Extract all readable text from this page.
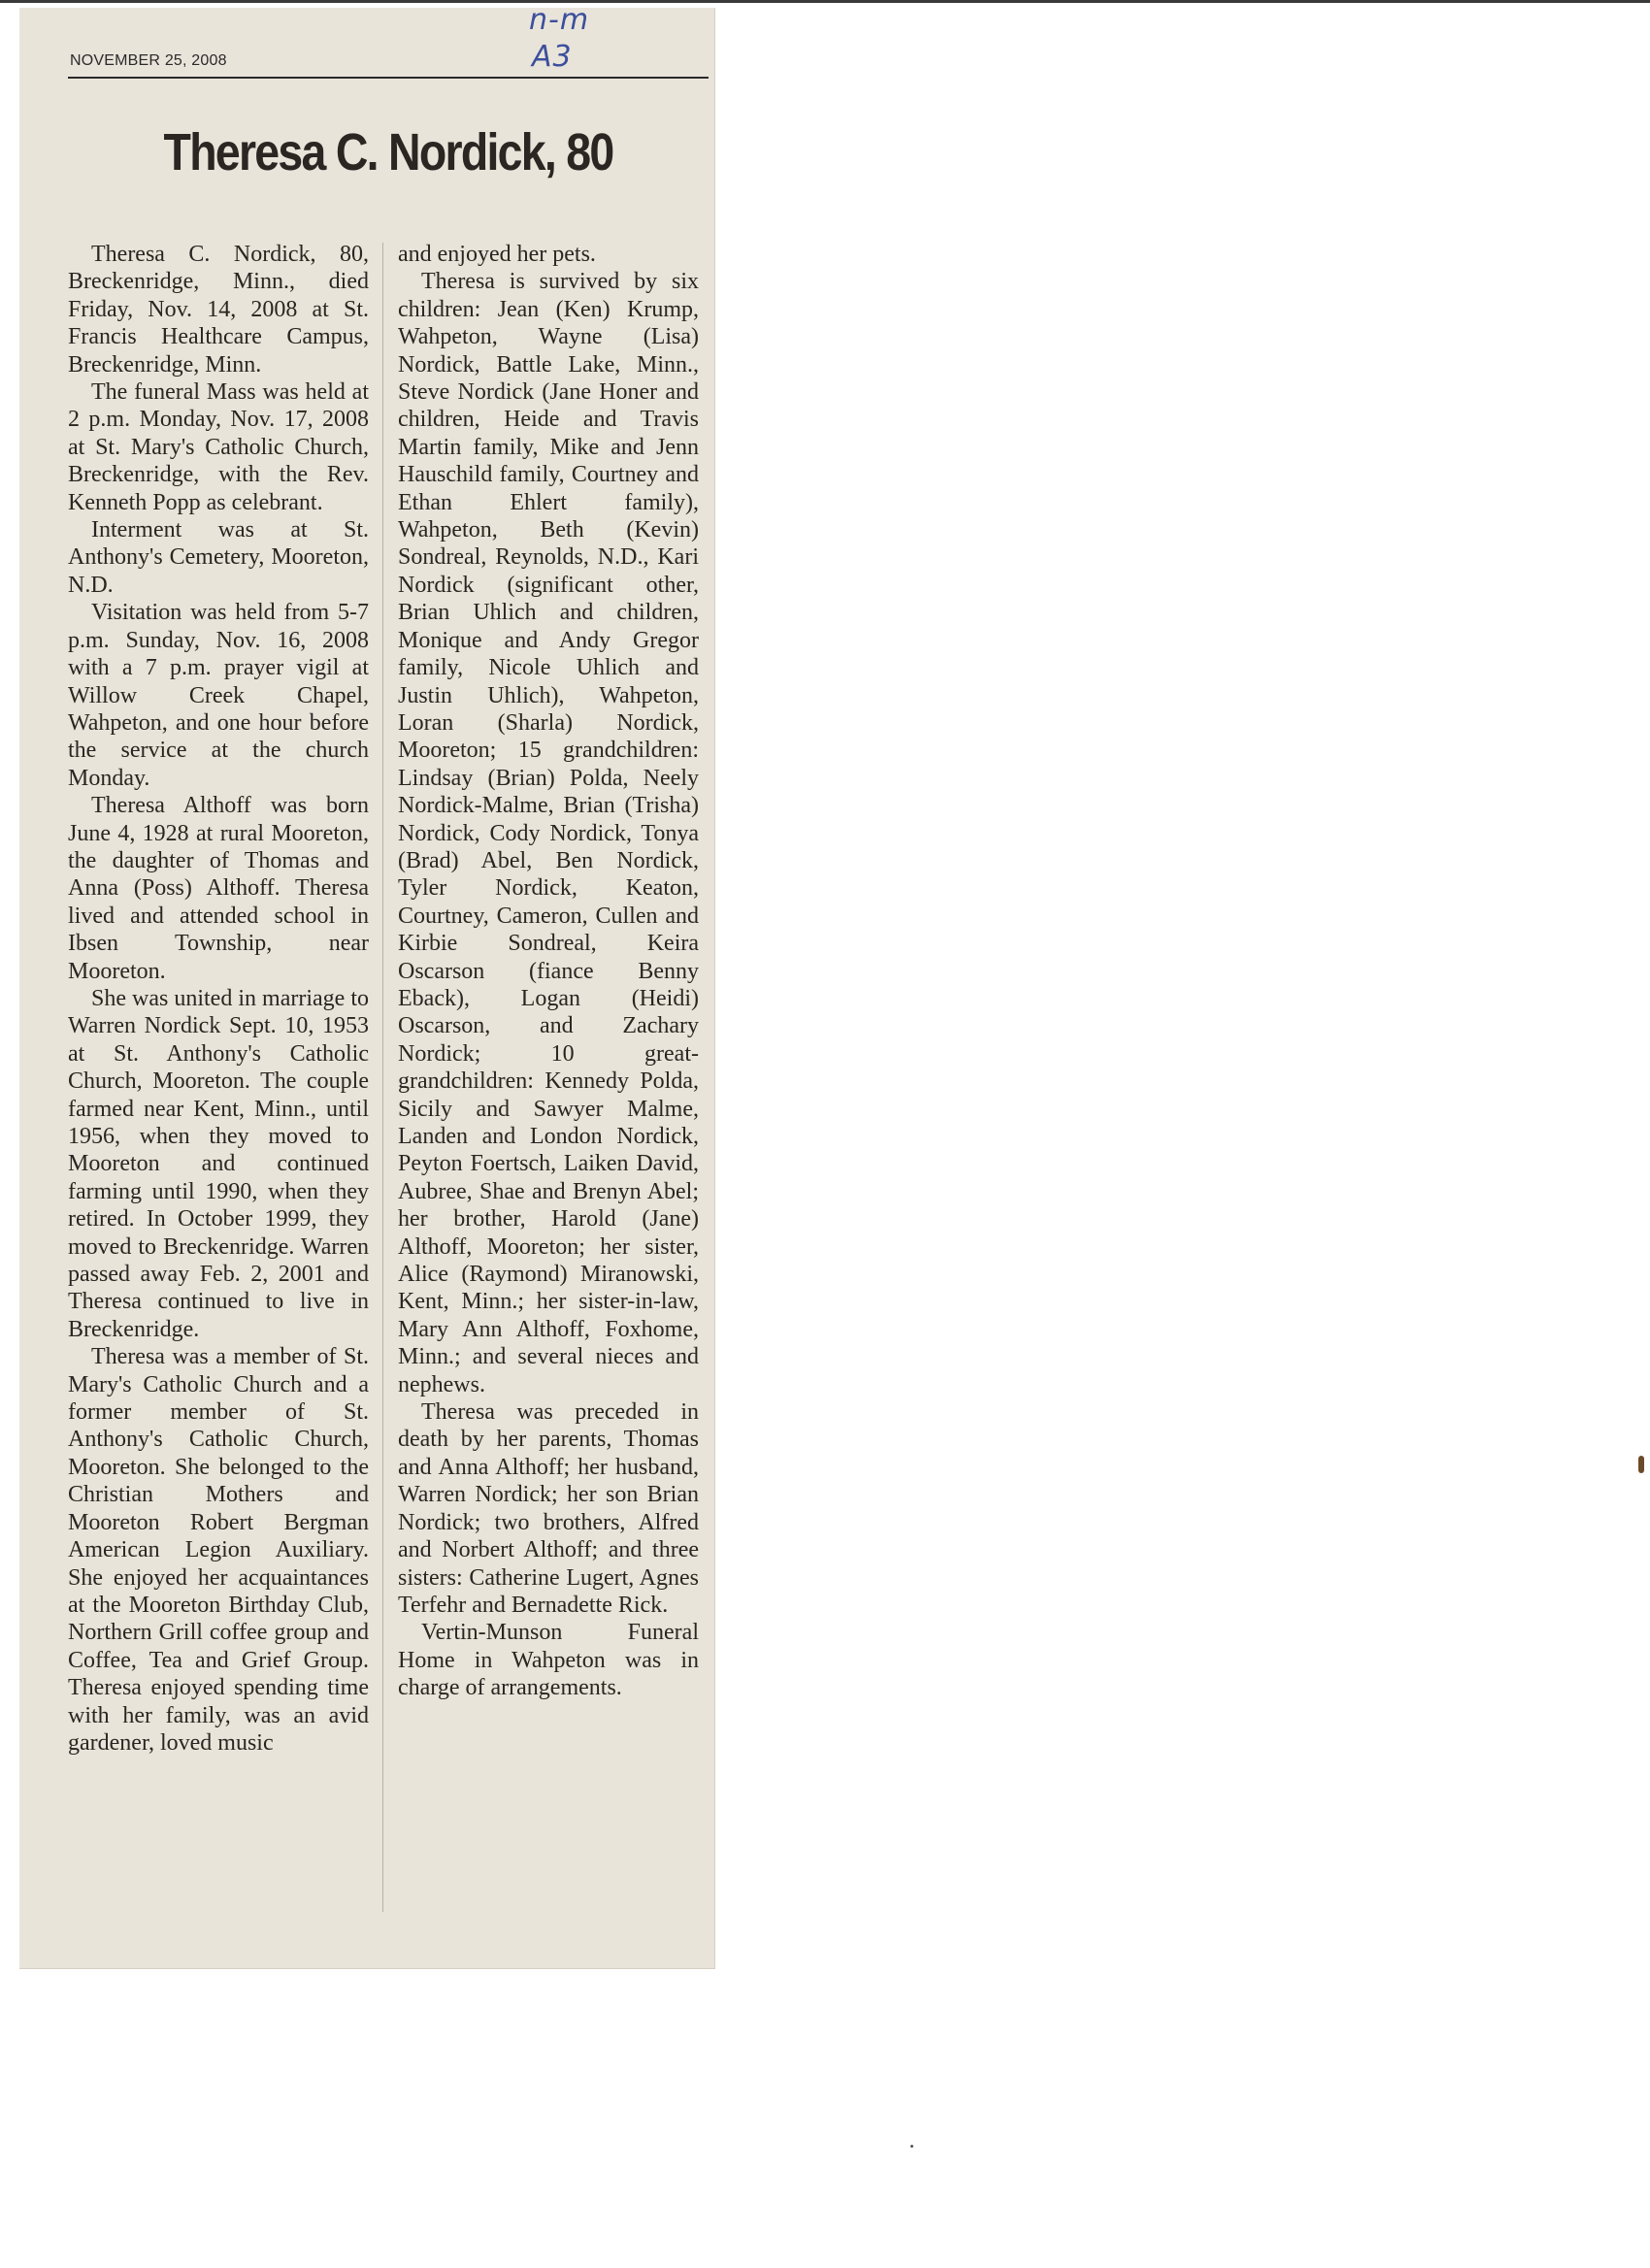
n-m
A3
NOVEMBER 25, 2008
Theresa C. Nordick, 80

Theresa C. Nordick, 80, Breckenridge, Minn., died Friday, Nov. 14, 2008 at St. Francis Healthcare Campus, Breckenridge, Minn.

The funeral Mass was held at 2 p.m. Monday, Nov. 17, 2008 at St. Mary's Catholic Church, Breckenridge, with the Rev. Kenneth Popp as celebrant.

Interment was at St. Anthony's Cemetery, Mooreton, N.D.

Visitation was held from 5-7 p.m. Sunday, Nov. 16, 2008 with a 7 p.m. prayer vigil at Willow Creek Chapel, Wahpeton, and one hour before the service at the church Monday.

Theresa Althoff was born June 4, 1928 at rural Mooreton, the daughter of Thomas and Anna (Poss) Althoff. Theresa lived and attended school in Ibsen Township, near Mooreton.

She was united in marriage to Warren Nordick Sept. 10, 1953 at St. Anthony's Catholic Church, Mooreton. The couple farmed near Kent, Minn., until 1956, when they moved to Mooreton and continued farming until 1990, when they retired. In October 1999, they moved to Breckenridge. Warren passed away Feb. 2, 2001 and Theresa continued to live in Breckenridge.

Theresa was a member of St. Mary's Catholic Church and a former member of St. Anthony's Catholic Church, Mooreton. She belonged to the Christian Mothers and Mooreton Robert Bergman American Legion Auxiliary. She enjoyed her acquaintances at the Mooreton Birthday Club, Northern Grill coffee group and Coffee, Tea and Grief Group. Theresa enjoyed spending time with her family, was an avid gardener, loved music

and enjoyed her pets.

Theresa is survived by six children: Jean (Ken) Krump, Wahpeton, Wayne (Lisa) Nordick, Battle Lake, Minn., Steve Nordick (Jane Honer and children, Heide and Travis Martin family, Mike and Jenn Hauschild family, Courtney and Ethan Ehlert family), Wahpeton, Beth (Kevin) Sondreal, Reynolds, N.D., Kari Nordick (significant other, Brian Uhlich and children, Monique and Andy Gregor family, Nicole Uhlich and Justin Uhlich), Wahpeton, Loran (Sharla) Nordick, Mooreton; 15 grandchildren: Lindsay (Brian) Polda, Neely Nordick-Malme, Brian (Trisha) Nordick, Cody Nordick, Tonya (Brad) Abel, Ben Nordick, Tyler Nordick, Keaton, Courtney, Cameron, Cullen and Kirbie Sondreal, Keira Oscarson (fiance Benny Eback), Logan (Heidi) Oscarson, and Zachary Nordick; 10 great-grandchildren: Kennedy Polda, Sicily and Sawyer Malme, Landen and London Nordick, Peyton Foertsch, Laiken David, Aubree, Shae and Brenyn Abel; her brother, Harold (Jane) Althoff, Mooreton; her sister, Alice (Raymond) Miranowski, Kent, Minn.; her sister-in-law, Mary Ann Althoff, Foxhome, Minn.; and several nieces and nephews.

Theresa was preceded in death by her parents, Thomas and Anna Althoff; her husband, Warren Nordick; her son Brian Nordick; two brothers, Alfred and Norbert Althoff; and three sisters: Catherine Lugert, Agnes Terfehr and Bernadette Rick.

Vertin-Munson Funeral Home in Wahpeton was in charge of arrangements.
